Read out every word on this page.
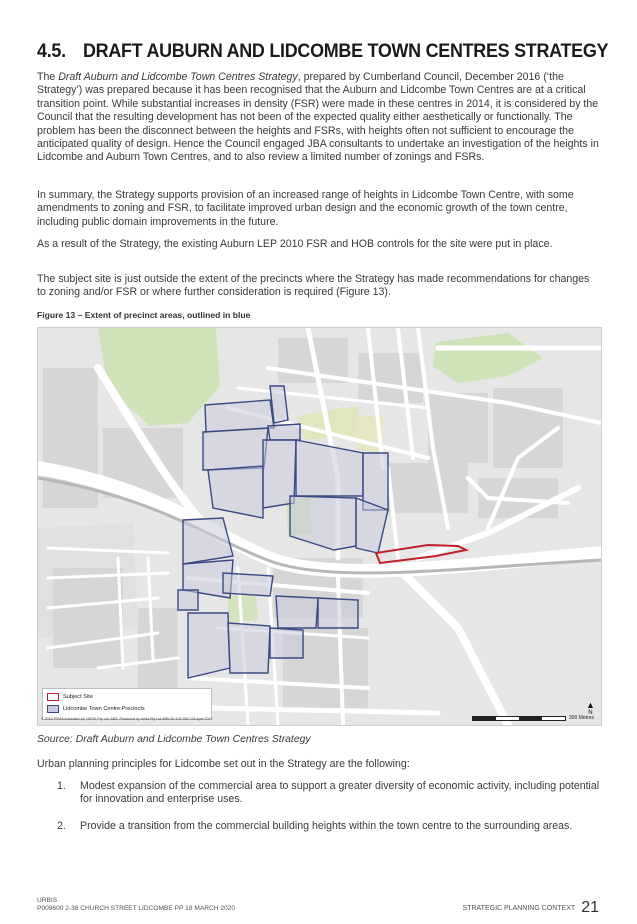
4.5. DRAFT AUBURN AND LIDCOMBE TOWN CENTRES STRATEGY

The Draft Auburn and Lidcombe Town Centres Strategy, prepared by Cumberland Council, December 2016 (‘the Strategy’) was prepared because it has been recognised that the Auburn and Lidcombe Town Centres are at a critical transition point. While substantial increases in density (FSR) were made in these centres in 2014, it is considered by the Council that the resulting development has not been of the expected quality either aesthetically or functionally. The problem has been the disconnect between the heights and FSRs, with heights often not sufficient to encourage the anticipated quality of design. Hence the Council engaged JBA consultants to undertake an investigation of the heights in Lidcombe and Auburn Town Centres, and to also review a limited number of zonings and FSRs.

In summary, the Strategy supports provision of an increased range of heights in Lidcombe Town Centre, with some amendments to zoning and FSR, to facilitate improved urban design and the economic growth of the town centre, including public domain improvements in the future.

As a result of the Strategy, the existing Auburn LEP 2010 FSR and HOB controls for the site were put in place.

The subject site is just outside the extent of the precincts where the Strategy has made recommendations for changes to zoning and/or FSR or where further consideration is required (Figure 13).

Figure 13 – Extent of precinct areas, outlined in blue
Subject Site
Lidcombe Town Centre Precincts
© 2016 PSMA Australia Ltd, HERE Pty Ltd, ABS. Produced by Urbis Pty Ltd ABN 50 105 256 228 April 2017
▲
N
300 Metres
Source: Draft Auburn and Lidcombe Town Centres Strategy

Urban planning principles for Lidcombe set out in the Strategy are the following:

1. Modest expansion of the commercial area to support a greater diversity of economic activity, including potential for innovation and enterprise uses.
2. Provide a transition from the commercial building heights within the town centre to the surrounding areas.
URBIS
P009600 2-38 CHURCH STREET LIDCOMBE PP 18 MARCH 2020	STRATEGIC PLANNING CONTEXT 21
